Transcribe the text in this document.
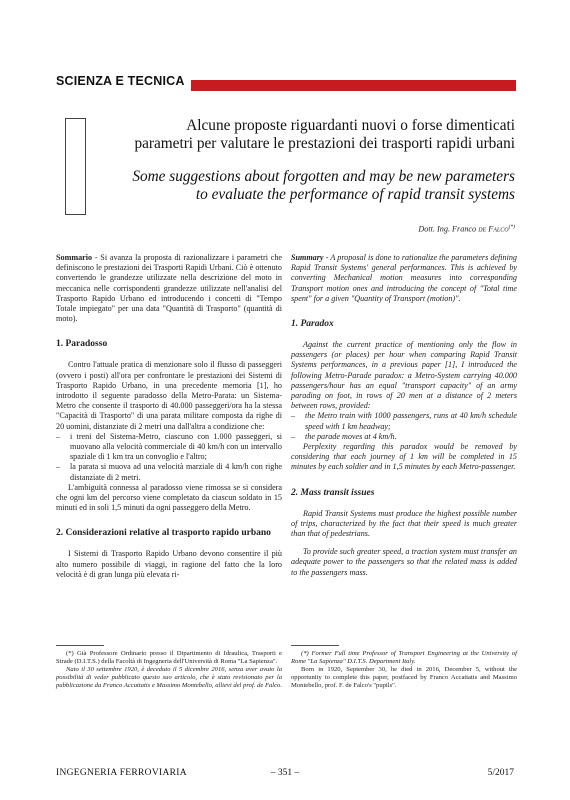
SCIENZA E TECNICA
Alcune proposte riguardanti nuovi o forse dimenticati
parametri per valutare le prestazioni dei trasporti rapidi urbani
Some suggestions about forgotten and may be new parameters
to evaluate the performance of rapid transit systems
Dott. Ing. Franco de Falco(*)

Sommario - Si avanza la proposta di razionalizzare i parametri che definiscono le prestazioni dei Trasporti Rapidi Urbani. Ciò è ottenuto convertendo le grandezze utilizzate nella descrizione del moto in meccanica nelle corrispondenti grandezze utilizzate nell'analisi del Trasporto Rapido Urbano ed introducendo i concetti di "Tempo Totale impiegato" per una data "Quantità di Trasporto" (quantità di moto).

1. Paradosso

Contro l'attuale pratica di menzionare solo il flusso di passeggeri (ovvero i posti) all'ora per confrontare le prestazioni dei Sistemi di Trasporto Rapido Urbano, in una precedente memoria [1], ho introdotto il seguente paradosso della Metro-Parata: un Sistema-Metro che consente il trasporto di 40.000 passeggeri/ora ha la stessa "Capacità di Trasporto" di una parata militare composta da righe di 20 uomini, distanziate di 2 metri una dall'altra a condizione che:

– i treni del Sistema-Metro, ciascuno con 1.000 passeggeri, si muovano alla velocità commerciale di 40 km/h con un intervallo spaziale di 1 km tra un convoglio e l'altro;
– la parata si muova ad una velocità marziale di 4 km/h con righe distanziate di 2 metri.

L'ambiguità connessa al paradosso viene rimossa se si considera che ogni km del percorso viene completato da ciascun soldato in 15 minuti ed in soli 1,5 minuti da ogni passeggero della Metro.

2. Considerazioni relative al trasporto rapido urbano

I Sistemi di Trasporto Rapido Urbano devono consentire il più alto numero possibile di viaggi, in ragione del fatto che la loro velocità è di gran lunga più elevata ri-

Summary - A proposal is done to rationalize the parameters defining Rapid Transit Systems' general performances. This is achieved by converting Mechanical motion measures into corresponding Transport motion ones and introducing the concept of "Total time spent" for a given "Quantity of Transport (motion)".

1. Paradox

Against the current practice of mentioning only the flow in passengers (or places) per hour when comparing Rapid Transit Systems performances, in a previous paper [1], I introduced the following Metro-Parade paradox: a Metro-System carrying 40.000 passengers/hour has an equal "transport capacity" of an army parading on foot, in rows of 20 men at a distance of 2 meters between rows, provided:

– the Metro train with 1000 passengers, runs at 40 km/h schedule speed with 1 km headway;
– the parade moves at 4 km/h.

Perplexity regarding this paradox would be removed by considering that each journey of 1 km will be completed in 15 minutes by each soldier and in 1,5 minutes by each Metro-passenger.

2. Mass transit issues

Rapid Transit Systems must produce the highest possible number of trips, characterized by the fact that their speed is much greater than that of pedestrians.

To provide such greater speed, a traction system must transfer an adequate power to the passengers so that the related mass is added to the passengers mass.

(*) Già Professore Ordinario presso il Dipartimento di Idraulica, Trasporti e Strade (D.I.T.S.) della Facoltà di Ingegneria dell'Università di Roma "La Sapienza".

Nato il 30 settembre 1920, è deceduto il 5 dicembre 2016, senza aver avuto la possibilità di veder pubblicato questo suo articolo, che è stato revisionato per la pubblicazione da Franco Accattatis e Massimo Montebello, allievi del prof. de Falco.

(*) Former Full time Professor of Transport Engineering at the University of Rome "La Sapienza" D.I.T.S. Department Italy.

Born in 1920, September 30, he died in 2016, December 5, without the opportunity to complete this paper, postfaced by Franco Accattatis and Massimo Montebello, prof. F. de Falco's "pupils".

INGEGNERIA FERROVIARIA	– 351 –	5/2017
